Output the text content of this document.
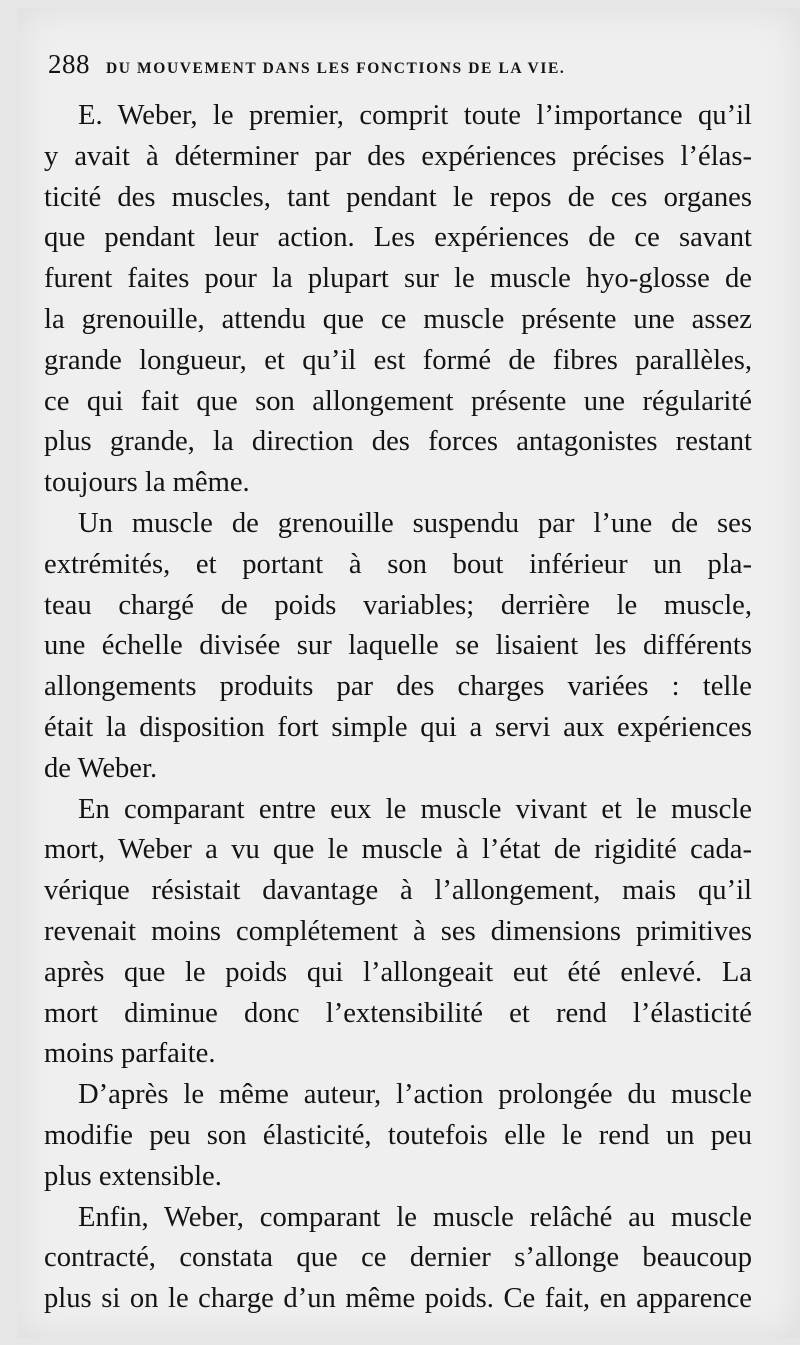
288 DU MOUVEMENT DANS LES FONCTIONS DE LA VIE.

E. Weber, le premier, comprit toute l’importance qu’il
y avait à déterminer par des expériences précises l’élas-
ticité des muscles, tant pendant le repos de ces organes
que pendant leur action. Les expériences de ce savant
furent faites pour la plupart sur le muscle hyo-glosse de
la grenouille, attendu que ce muscle présente une assez
grande longueur, et qu’il est formé de fibres parallèles,
ce qui fait que son allongement présente une régularité
plus grande, la direction des forces antagonistes restant
toujours la même.

Un muscle de grenouille suspendu par l’une de ses
extrémités, et portant à son bout inférieur un pla-
teau chargé de poids variables; derrière le muscle,
une échelle divisée sur laquelle se lisaient les différents
allongements produits par des charges variées : telle
était la disposition fort simple qui a servi aux expériences
de Weber.

En comparant entre eux le muscle vivant et le muscle
mort, Weber a vu que le muscle à l’état de rigidité cada-
vérique résistait davantage à l’allongement, mais qu’il
revenait moins complétement à ses dimensions primitives
après que le poids qui l’allongeait eut été enlevé. La
mort diminue donc l’extensibilité et rend l’élasticité
moins parfaite.

D’après le même auteur, l’action prolongée du muscle
modifie peu son élasticité, toutefois elle le rend un peu
plus extensible.

Enfin, Weber, comparant le muscle relâché au muscle
contracté, constata que ce dernier s’allonge beaucoup
plus si on le charge d’un même poids. Ce fait, en apparence
